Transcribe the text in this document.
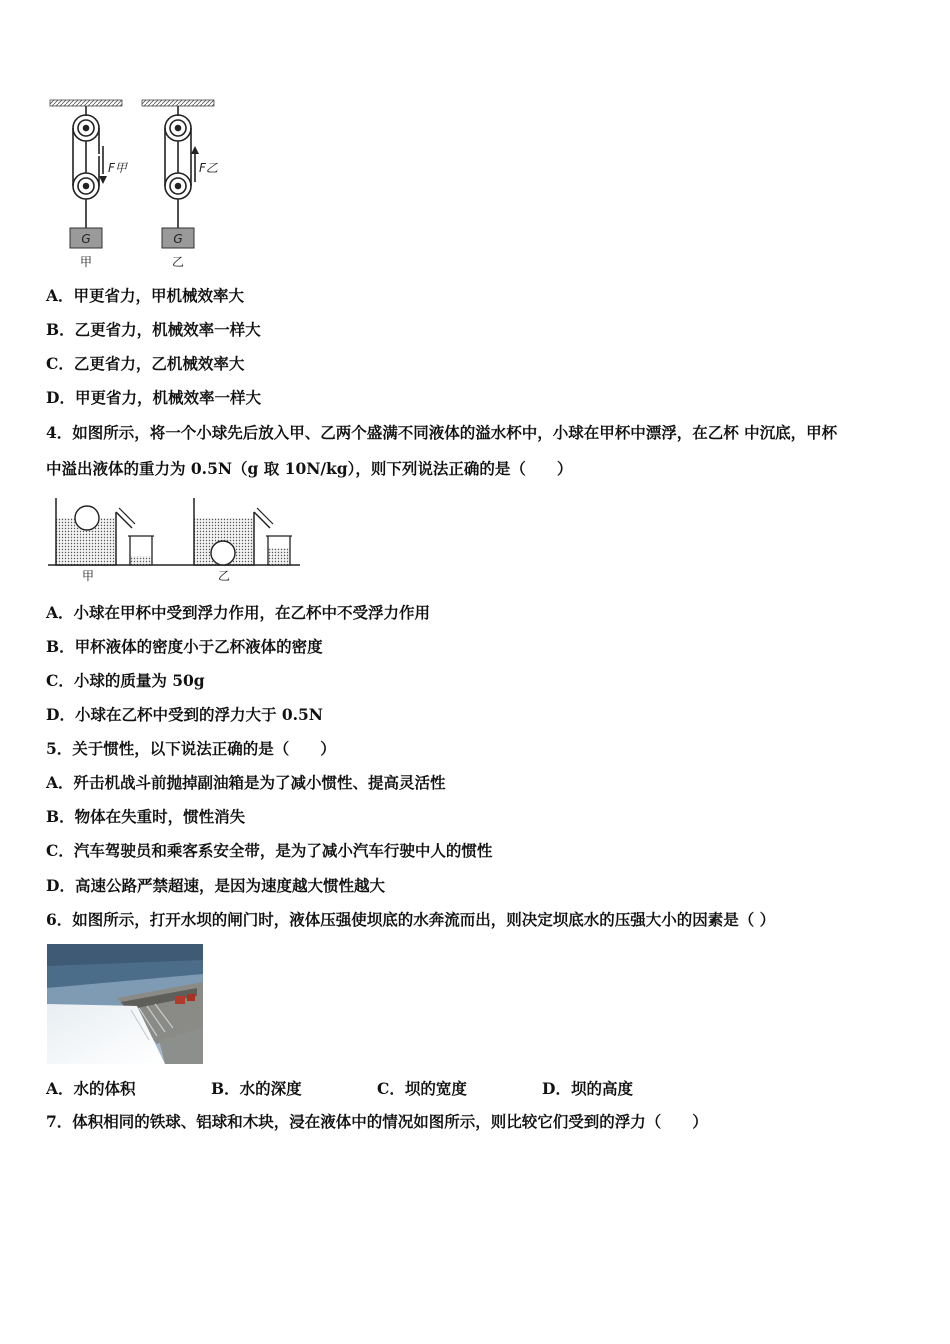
F甲
G
甲
F乙
G
乙
A．甲更省力，甲机械效率大
B．乙更省力，机械效率一样大
C．乙更省力，乙机械效率大
D．甲更省力，机械效率一样大
4．如图所示，将一个小球先后放入甲、乙两个盛满不同液体的溢水杯中，小球在甲杯中漂浮，在乙杯 中沉底，甲杯
中溢出液体的重力为 0.5N（g 取 10N/kg），则下列说法正确的是（　　）
甲	乙
A．小球在甲杯中受到浮力作用，在乙杯中不受浮力作用
B．甲杯液体的密度小于乙杯液体的密度
C．小球的质量为 50g
D．小球在乙杯中受到的浮力大于 0.5N
5．关于惯性，以下说法正确的是（　　）
A．歼击机战斗前抛掉副油箱是为了减小惯性、提高灵活性
B．物体在失重时，惯性消失
C．汽车驾驶员和乘客系安全带，是为了减小汽车行驶中人的惯性
D．高速公路严禁超速，是因为速度越大惯性越大
6．如图所示，打开水坝的闸门时，液体压强使坝底的水奔流而出，则决定坝底水的压强大小的因素是（ ）
A．水的体积	B．水的深度	C．坝的宽度	D．坝的高度
7．体积相同的铁球、铝球和木块，浸在液体中的情况如图所示，则比较它们受到的浮力（　　）
